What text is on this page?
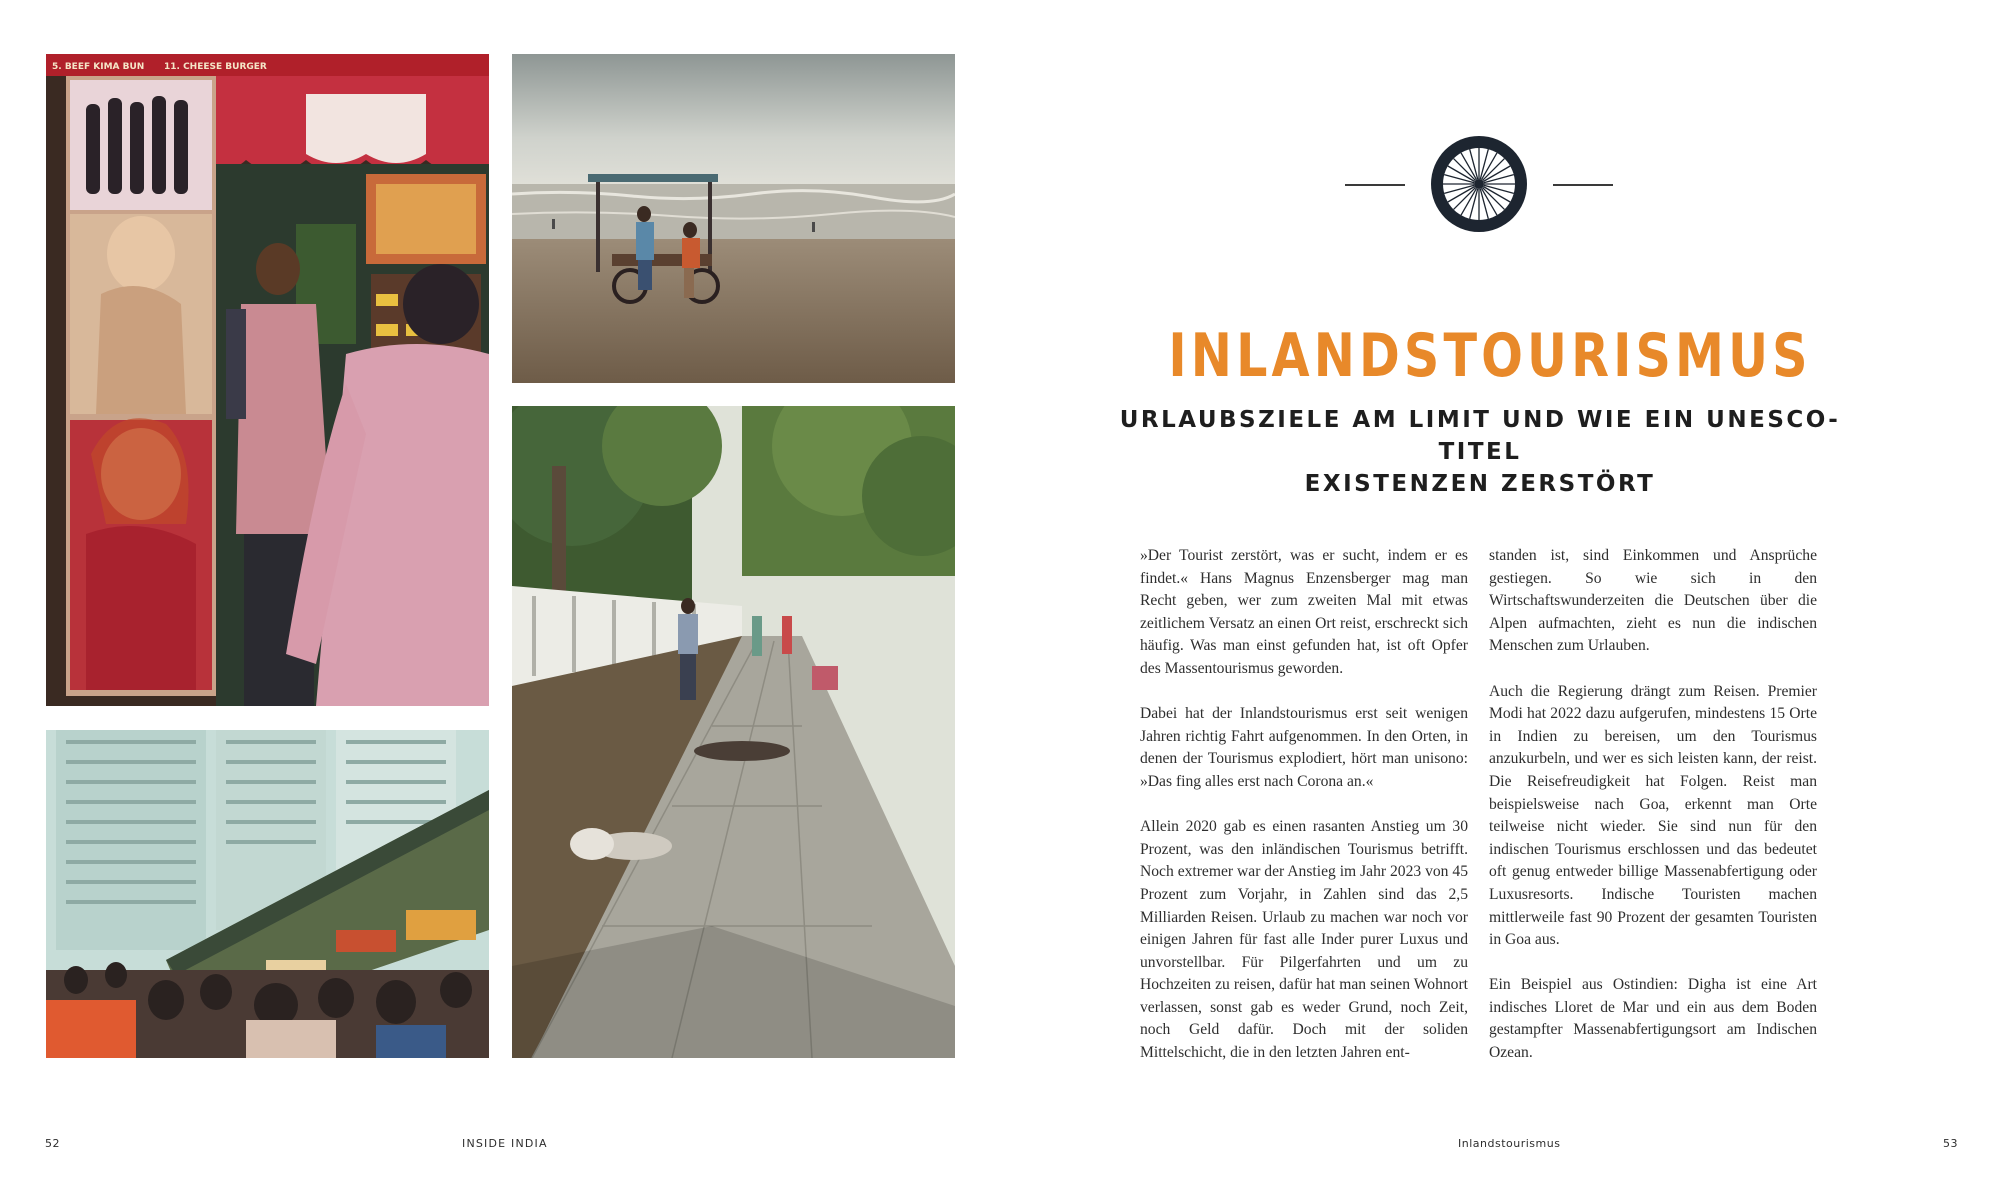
5. BEEF KIMA BUN 11. CHEESE BURGER
INLANDSTOURISMUS
URLAUBSZIELE AM LIMIT UND WIE EIN UNESCO-TITEL
EXISTENZEN ZERSTÖRT

»Der Tourist zerstört, was er sucht, indem er es findet.« Hans Magnus Enzensberger mag man Recht geben, wer zum zweiten Mal mit etwas zeitlichem Versatz an einen Ort reist, erschreckt sich häufig. Was man einst gefunden hat, ist oft Opfer des Massentourismus geworden.

Dabei hat der Inlandstourismus erst seit wenigen Jahren richtig Fahrt aufgenommen. In den Orten, in denen der Tourismus explodiert, hört man unisono: »Das fing alles erst nach Corona an.«

Allein 2020 gab es einen rasanten Anstieg um 30 Prozent, was den inländischen Tourismus betrifft. Noch extremer war der Anstieg im Jahr 2023 von 45 Prozent zum Vorjahr, in Zahlen sind das 2,5 Milliarden Reisen. Urlaub zu machen war noch vor einigen Jahren für fast alle Inder purer Luxus und unvorstellbar. Für Pilgerfahrten und um zu Hochzeiten zu reisen, dafür hat man seinen Wohnort verlassen, sonst gab es weder Grund, noch Zeit, noch Geld dafür. Doch mit der soliden Mittelschicht, die in den letzten Jahren ent-

standen ist, sind Einkommen und Ansprüche gestiegen. So wie sich in den Wirtschaftswunderzeiten die Deutschen über die Alpen aufmachten, zieht es nun die indischen Menschen zum Urlauben.

Auch die Regierung drängt zum Reisen. Premier Modi hat 2022 dazu aufgerufen, mindestens 15 Orte in Indien zu bereisen, um den Tourismus anzukurbeln, und wer es sich leisten kann, der reist. Die Reisefreudigkeit hat Folgen. Reist man beispielsweise nach Goa, erkennt man Orte teilweise nicht wieder. Sie sind nun für den indischen Tourismus erschlossen und das bedeutet oft genug entweder billige Massenabfertigung oder Luxusresorts. Indische Touristen machen mittlerweile fast 90 Prozent der gesamten Touristen in Goa aus.

Ein Beispiel aus Ostindien: Digha ist eine Art indisches Lloret de Mar und ein aus dem Boden gestampfter Massenabfertigungsort am Indischen Ozean.

52	INSIDE INDIA	Inlandstourismus	53
